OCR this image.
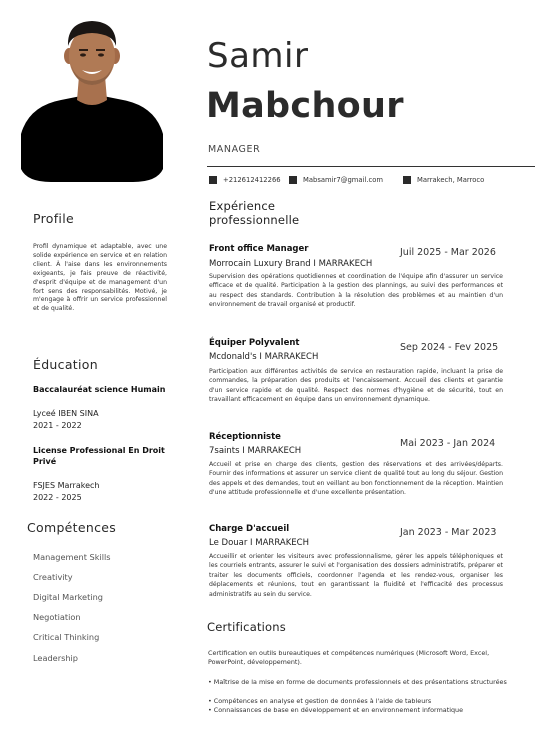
Profile
Profil dynamique et adaptable, avec une solide expérience en service et en relation client. À l'aise dans les environnements exigeants, je fais preuve de réactivité, d'esprit d'équipe et de management d'un fort sens des responsabilités. Motivé, je m'engage à offrir un service professionnel et de qualité.
Éducation
Baccalauréat science Humain
Lyceé IBEN SINA
2021 - 2022
License Professional En Droit Privé
FSJES Marrakech
2022 - 2025
Compétences
Management Skills
Creativity
Digital Marketing
Negotiation
Critical Thinking
Leadership
Samir
Mabchour
MANAGER
+212612412266	Mabsamir7@gmail.com	Marrakech, Marroco
Expérience professionnelle
Front office Manager
Morrocain Luxury Brand I MARRAKECH
Juil 2025 - Mar 2026
Supervision des opérations quotidiennes et coordination de l'équipe afin d'assurer un service efficace et de qualité. Participation à la gestion des plannings, au suivi des performances et au respect des standards. Contribution à la résolution des problèmes et au maintien d'un environnement de travail organisé et productif.
Équiper Polyvalent
Mcdonald's I MARRAKECH
Sep 2024 - Fev 2025
Participation aux différentes activités de service en restauration rapide, incluant la prise de commandes, la préparation des produits et l'encaissement. Accueil des clients et garantie d'un service rapide et de qualité. Respect des normes d'hygiène et de sécurité, tout en travaillant efficacement en équipe dans un environnement dynamique.
Réceptionniste
7saints I MARRAKECH
Mai 2023 - Jan 2024
Accueil et prise en charge des clients, gestion des réservations et des arrivées/départs. Fournir des informations et assurer un service client de qualité tout au long du séjour. Gestion des appels et des demandes, tout en veillant au bon fonctionnement de la réception. Maintien d'une attitude professionnelle et d'une excellente présentation.
Charge D'accueil
Le Douar I MARRAKECH
Jan 2023 - Mar 2023
Accueillir et orienter les visiteurs avec professionnalisme, gérer les appels téléphoniques et les courriels entrants, assurer le suivi et l'organisation des dossiers administratifs, préparer et traiter les documents officiels, coordonner l'agenda et les rendez-vous, organiser les déplacements et réunions, tout en garantissant la fluidité et l'efficacité des processus administratifs au sein du service.
Certifications
Certification en outils bureautiques et compétences numériques (Microsoft Word, Excel, PowerPoint, développement).
• Maîtrise de la mise en forme de documents professionnels et des présentations structurées
• Compétences en analyse et gestion de données à l'aide de tableurs
• Connaissances de base en développement et en environnement informatique
